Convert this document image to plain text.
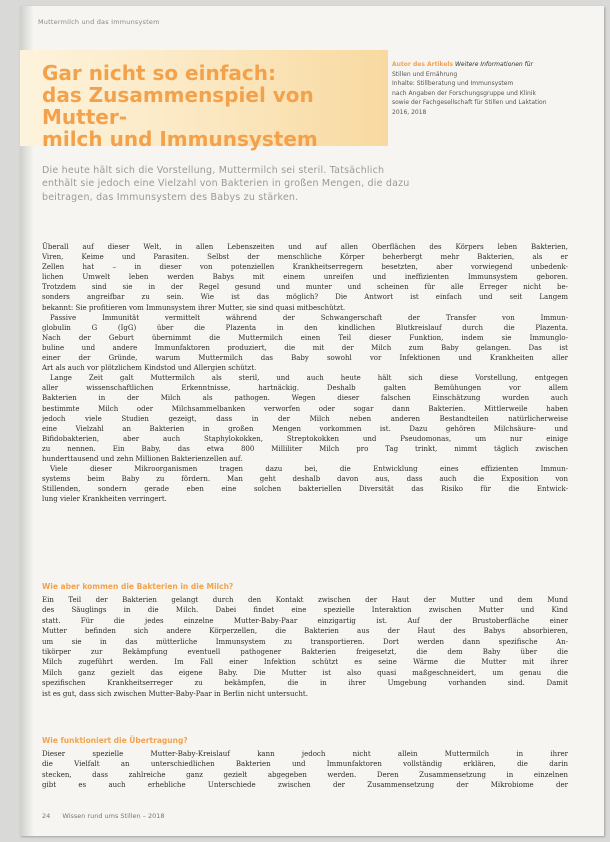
Muttermilch und das Immunsystem
Gar nicht so einfach:
das Zusammenspiel von Mutter-
milch und Immunsystem
Autor des Artikels Weitere Informationen für
Stillen und Ernährung
Inhalte: Stillberatung und Immunsystem
nach Angaben der Forschungsgruppe und Klinik
sowie der Fachgesellschaft für Stillen und Laktation
2016, 2018
Die heute hält sich die Vorstellung, Muttermilch sei steril. Tatsächlich
enthält sie jedoch eine Vielzahl von Bakterien in großen Mengen, die dazu
beitragen, das Immunsystem des Babys zu stärken.
Überall auf dieser Welt, in allen Lebenszeiten und auf allen Oberflächen des Körpers leben Bakterien,
Viren, Keime und Parasiten. Selbst der menschliche Körper beherbergt mehr Bakterien, als er
Zellen hat – in dieser von potenziellen Krankheitserregern besetzten, aber vorwiegend unbedenk-
lichen Umwelt leben werden Babys mit einem unreifen und ineffizienten Immunsystem geboren.
Trotzdem sind sie in der Regel gesund und munter und scheinen für alle Erreger nicht be-
sonders angreifbar zu sein. Wie ist das möglich? Die Antwort ist einfach und seit Langem
bekannt: Sie profitieren vom Immunsystem ihrer Mutter, sie sind quasi mitbeschützt.
Passive Immunität vermittelt während der Schwangerschaft der Transfer von Immun-
globulin G (IgG) über die Plazenta in den kindlichen Blutkreislauf durch die Plazenta.
Nach der Geburt übernimmt die Muttermilch einen Teil dieser Funktion, indem sie Immunglo-
buline und andere Immunfaktoren produziert, die mit der Milch zum Baby gelangen. Das ist
einer der Gründe, warum Muttermilch das Baby sowohl vor Infektionen und Krankheiten aller
Art als auch vor plötzlichem Kindstod und Allergien schützt.
Lange Zeit galt Muttermilch als steril, und auch heute hält sich diese Vorstellung, entgegen
aller wissenschaftlichen Erkenntnisse, hartnäckig. Deshalb galten Bemühungen vor allem
Bakterien in der Milch als pathogen. Wegen dieser falschen Einschätzung wurden auch
bestimmte Milch oder Milchsammelbanken verworfen oder sogar dann Bakterien. Mittlerweile haben
jedoch viele Studien gezeigt, dass in der Milch neben anderen Bestandteilen natürlicherweise
eine Vielzahl an Bakterien in großen Mengen vorkommen ist. Dazu gehören Milchsäure- und
Bifidobakterien, aber auch Staphylokokken, Streptokokken und Pseudomonas, um nur einige
zu nennen. Ein Baby, das etwa 800 Milliliter Milch pro Tag trinkt, nimmt täglich zwischen
hunderttausend und zehn Millionen Bakterienzellen auf.
Viele dieser Mikroorganismen tragen dazu bei, die Entwicklung eines effizienten Immun-
systems beim Baby zu fördern. Man geht deshalb davon aus, dass auch die Exposition von
Stillenden, sondern gerade eben eine solchen bakteriellen Diversität das Risiko für die Entwick-
lung vieler Krankheiten verringert.
Wie aber kommen die Bakterien in die Milch?
Ein Teil der Bakterien gelangt durch den Kontakt zwischen der Haut der Mutter und dem Mund
des Säuglings in die Milch. Dabei findet eine spezielle Interaktion zwischen Mutter und Kind
statt. Für die jedes einzelne Mutter-Baby-Paar einzigartig ist. Auf der Brustoberfläche einer
Mutter befinden sich andere Körperzellen, die Bakterien aus der Haut des Babys absorbieren,
um sie in das mütterliche Immunsystem zu transportieren. Dort werden dann spezifische An-
tikörper zur Bekämpfung eventuell pathogener Bakterien freigesetzt, die dem Baby über die
Milch zugeführt werden. Im Fall einer Infektion schützt es seine Wärme die Mutter mit ihrer
Milch ganz gezielt das eigene Baby. Die Mutter ist also quasi maßgeschneidert, um genau die
spezifischen Krankheitserreger zu bekämpfen, die in ihrer Umgebung vorhanden sind. Damit
ist es gut, dass sich zwischen Mutter-Baby-Paar in Berlin nicht untersucht.
Wie funktioniert die Übertragung?
Dieser spezielle Mutter-Baby-Kreislauf kann jedoch nicht allein Muttermilch in ihrer
die Vielfalt an unterschiedlichen Bakterien und Immunfaktoren vollständig erklären, die darin
stecken, dass zahlreiche ganz gezielt abgegeben werden. Deren Zusammensetzung in einzelnen
gibt es auch erhebliche Unterschiede zwischen der Zusammensetzung der Mikrobiome der
24 Wissen rund ums Stillen – 2018
